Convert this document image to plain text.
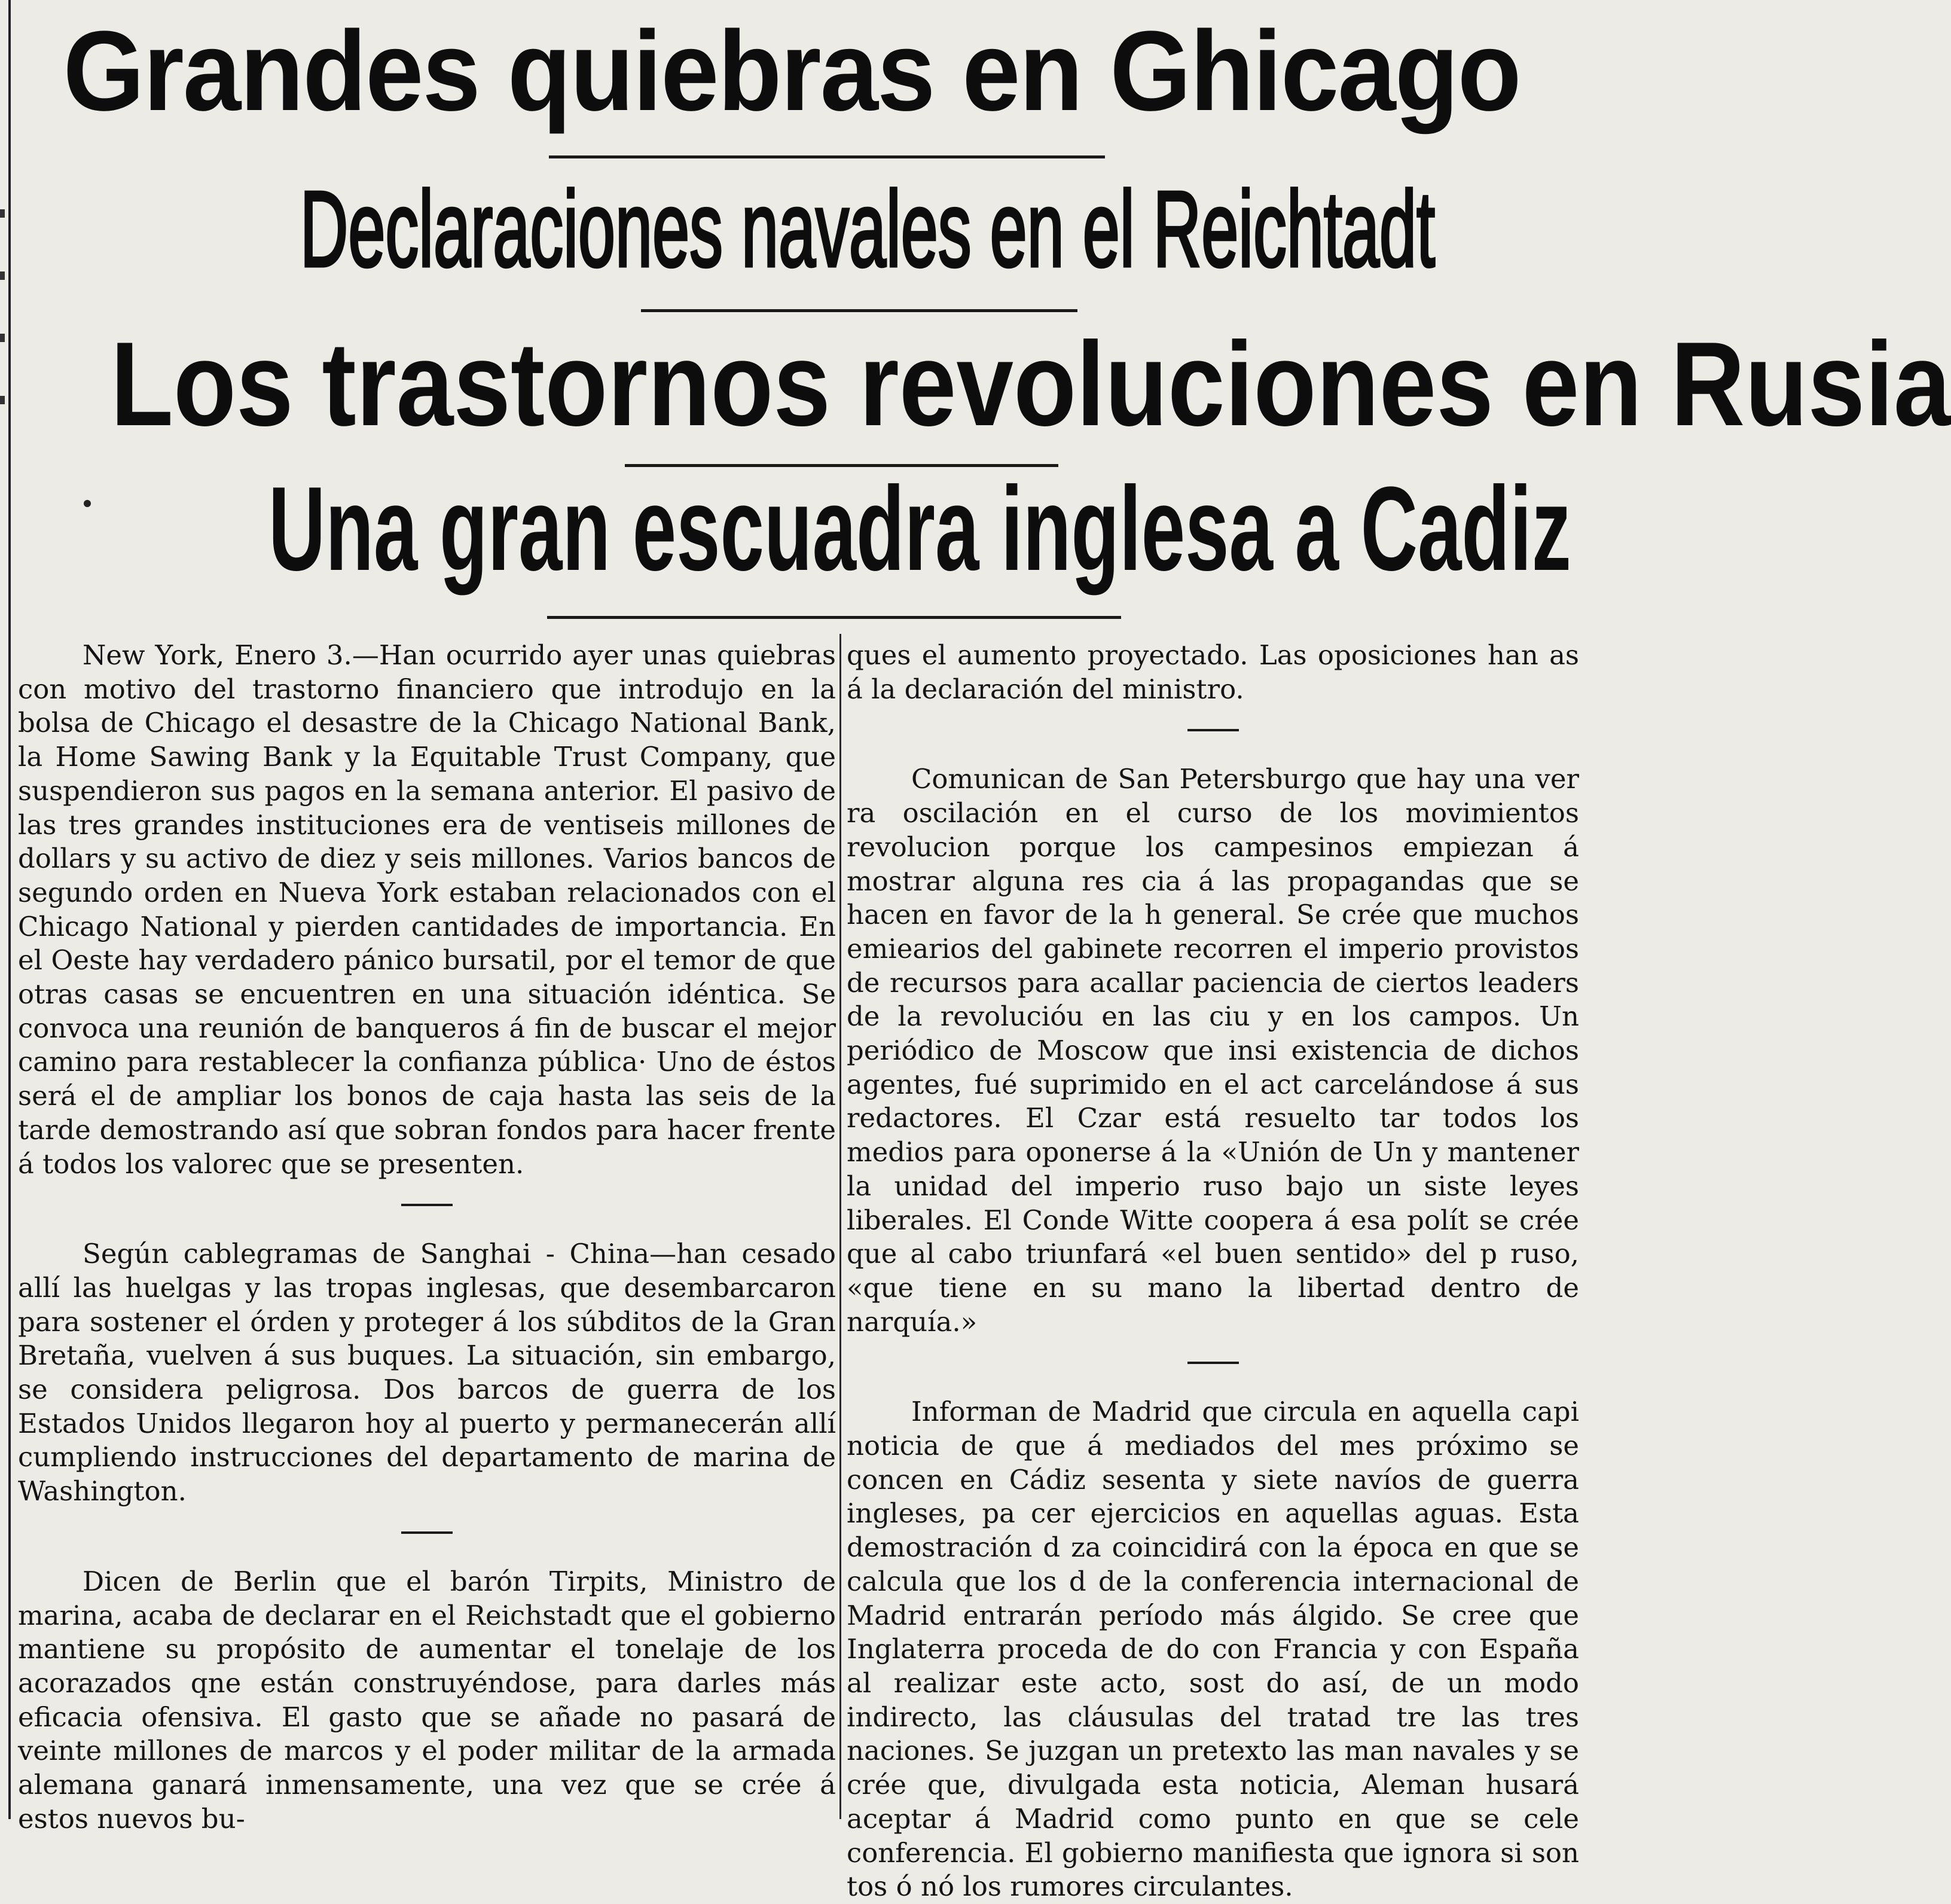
Grandes quiebras en Ghicago
Declaraciones navales en el Reichtadt
Los trastornos revoluciones en Rusia
Una gran escuadra inglesa a Cadiz

New York, Enero 3.—Han ocurrido ayer unas quiebras con motivo del trastorno financiero que introdujo en la bolsa de Chicago el desastre de la Chicago National Bank, la Home Sawing Bank y la Equitable Trust Company, que suspendieron sus pagos en la semana anterior. El pasivo de las tres grandes instituciones era de ventiseis millones de dollars y su activo de diez y seis millones. Varios bancos de segundo orden en Nueva York estaban relacionados con el Chicago National y pierden cantidades de importancia. En el Oeste hay verdadero pánico bursatil, por el temor de que otras casas se encuentren en una situación idéntica. Se convoca una reunión de banqueros á fin de buscar el mejor camino para restablecer la confianza pública· Uno de éstos será el de ampliar los bonos de caja hasta las seis de la tarde demostrando así que sobran fondos para hacer frente á todos los valorec que se presenten.

Según cablegramas de Sanghai - China—han cesado allí las huelgas y las tropas inglesas, que desembarcaron para sostener el órden y proteger á los súbditos de la Gran Bretaña, vuelven á sus buques. La situación, sin embargo, se considera peligrosa. Dos barcos de guerra de los Estados Unidos llegaron hoy al puerto y permanecerán allí cumpliendo instrucciones del departamento de marina de Washington.

Dicen de Berlin que el barón Tirpits, Ministro de marina, acaba de declarar en el Reichstadt que el gobierno mantiene su propósito de aumentar el tonelaje de los acorazados qne están construyéndose, para darles más eficacia ofensiva. El gasto que se añade no pasará de veinte millones de marcos y el poder militar de la armada alemana ganará inmensamente, una vez que se crée á estos nuevos bu-

ques el aumento proyectado. Las oposiciones han as á la declaración del ministro.

Comunican de San Petersburgo que hay una ver ra oscilación en el curso de los movimientos revolucion porque los campesinos empiezan á mostrar alguna res cia á las propagandas que se hacen en favor de la h general. Se crée que muchos emiearios del gabinete recorren el imperio provistos de recursos para acallar paciencia de ciertos leaders de la revolucióu en las ciu y en los campos. Un periódico de Moscow que insi existencia de dichos agentes, fué suprimido en el act carcelándose á sus redactores. El Czar está resuelto tar todos los medios para oponerse á la «Unión de Un y mantener la unidad del imperio ruso bajo un siste leyes liberales. El Conde Witte coopera á esa polít se crée que al cabo triunfará «el buen sentido» del p ruso, «que tiene en su mano la libertad dentro de narquía.»

Informan de Madrid que circula en aquella capi noticia de que á mediados del mes próximo se concen en Cádiz sesenta y siete navíos de guerra ingleses, pa cer ejercicios en aquellas aguas. Esta demostración d za coincidirá con la época en que se calcula que los d de la conferencia internacional de Madrid entrarán período más álgido. Se cree que Inglaterra proceda de do con Francia y con España al realizar este acto, sost do así, de un modo indirecto, las cláusulas del tratad tre las tres naciones. Se juzgan un pretexto las man navales y se crée que, divulgada esta noticia, Aleman husará aceptar á Madrid como punto en que se cele conferencia. El gobierno manifiesta que ignora si son tos ó nó los rumores circulantes.
